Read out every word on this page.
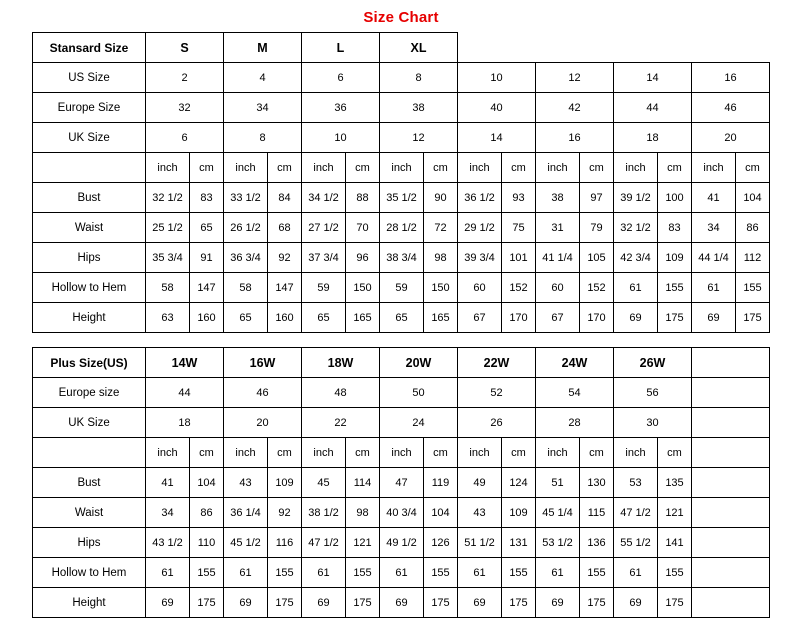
Size Chart
Stansard Size	S		M		L		XL									
US Size	2		4		6		8		10		12		14		16	
Europe Size	32		34		36		38		40		42		44		46	
UK Size	6		8		10		12		14		16		18		20	
	inch	cm	inch	cm	inch	cm	inch	cm	inch	cm	inch	cm	inch	cm	inch	cm
Bust	32 1/2	83	33 1/2	84	34 1/2	88	35 1/2	90	36 1/2	93	38	97	39 1/2	100	41	104
Waist	25 1/2	65	26 1/2	68	27 1/2	70	28 1/2	72	29 1/2	75	31	79	32 1/2	83	34	86
Hips	35 3/4	91	36 3/4	92	37 3/4	96	38 3/4	98	39 3/4	101	41 1/4	105	42 3/4	109	44 1/4	112
Hollow to Hem	58	147	58	147	59	150	59	150	60	152	60	152	61	155	61	155
Height	63	160	65	160	65	165	65	165	67	170	67	170	69	175	69	175
Plus Size(US)	14W		16W		18W		20W		22W		24W		26W		
Europe size	44		46		48		50		52		54		56		
UK Size	18		20		22		24		26		28		30		
	inch	cm	inch	cm	inch	cm	inch	cm	inch	cm	inch	cm	inch	cm	
Bust	41	104	43	109	45	114	47	119	49	124	51	130	53	135	
Waist	34	86	36 1/4	92	38 1/2	98	40 3/4	104	43	109	45 1/4	115	47 1/2	121	
Hips	43 1/2	110	45 1/2	116	47 1/2	121	49 1/2	126	51 1/2	131	53 1/2	136	55 1/2	141	
Hollow to Hem	61	155	61	155	61	155	61	155	61	155	61	155	61	155	
Height	69	175	69	175	69	175	69	175	69	175	69	175	69	175	
